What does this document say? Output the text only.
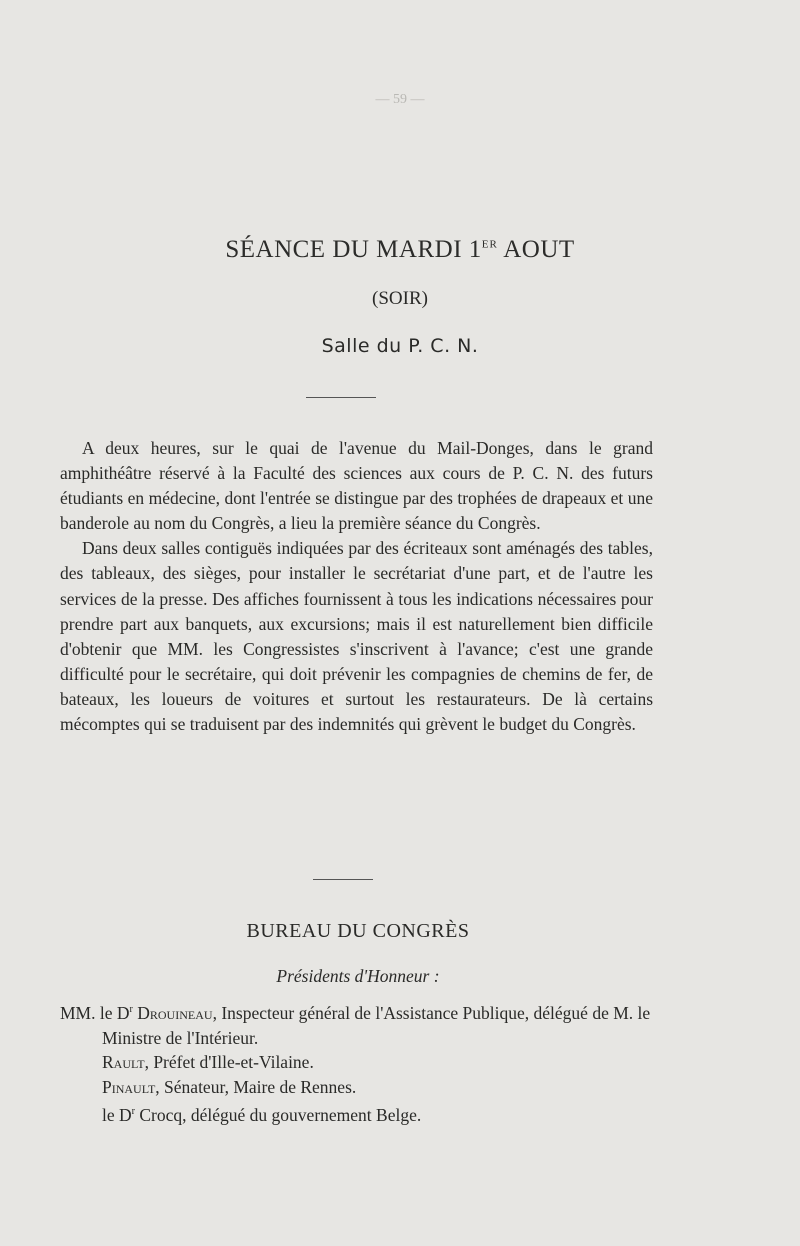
— 59 —
SÉANCE DU MARDI 1ER AOUT
(SOIR)
Salle du P. C. N.

A deux heures, sur le quai de l'avenue du Mail-Donges, dans le grand amphithéâtre réservé à la Faculté des sciences aux cours de P. C. N. des futurs étudiants en médecine, dont l'entrée se distingue par des trophées de drapeaux et une banderole au nom du Congrès, a lieu la première séance du Congrès.

Dans deux salles contiguës indiquées par des écriteaux sont aménagés des tables, des tableaux, des sièges, pour installer le secrétariat d'une part, et de l'autre les services de la presse. Des affiches fournissent à tous les indications nécessaires pour prendre part aux banquets, aux excursions; mais il est naturellement bien difficile d'obtenir que MM. les Congressistes s'inscrivent à l'avance; c'est une grande difficulté pour le secrétaire, qui doit prévenir les compagnies de chemins de fer, de bateaux, les loueurs de voitures et surtout les restaurateurs. De là certains mécomptes qui se traduisent par des indemnités qui grèvent le budget du Congrès.

BUREAU DU CONGRÈS
Présidents d'Honneur :

MM. le $D^r$ Drouineau, Inspecteur général de l'Assistance Publique, délégué de M. le Ministre de l'Intérieur.

Rault, Préfet d'Ille-et-Vilaine.

Pinault, Sénateur, Maire de Rennes.

le $D^r$ Crocq, délégué du gouvernement Belge.
